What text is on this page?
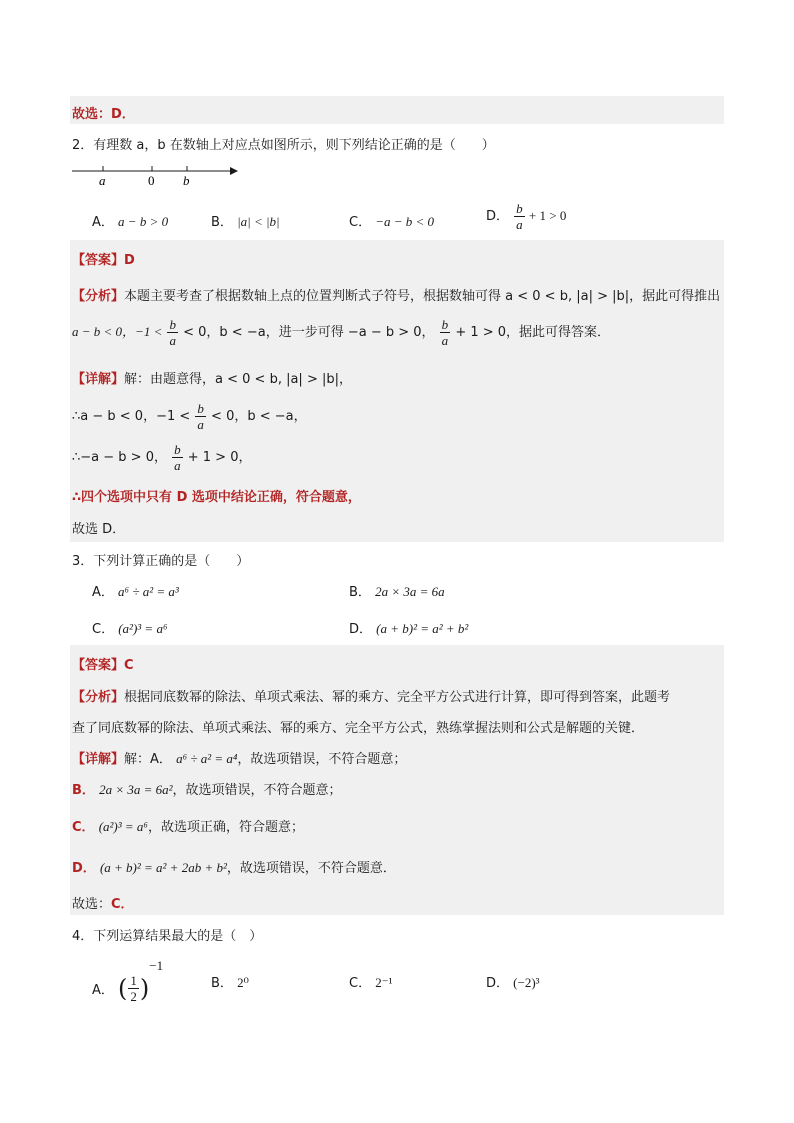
故选：D．
2．有理数 a，b 在数轴上对应点如图所示，则下列结论正确的是（　　）
a	0 b
A． a − b > 0	B． |a| < |b|	C． −a − b < 0	D． $\frac{b}{a} + 1 > 0$
【答案】D
【分析】本题主要考查了根据数轴上点的位置判断式子符号，根据数轴可得 a < 0 < b, |a| > |b|，据此可得推出
a − b < 0，$-1 < \frac{b}{a} < 0$，b < −a，进一步可得 −a − b > 0， $\frac{b}{a} + 1 > 0$，据此可得答案．
【详解】解：由题意得，a < 0 < b, |a| > |b|，
∴a − b < 0，$-1 < \frac{b}{a} < 0$，b < −a，
∴−a − b > 0， $\frac{b}{a} + 1 > 0$，
∴四个选项中只有 D 选项中结论正确，符合题意，
故选 D．
3．下列计算正确的是（　　）
A． a⁶ ÷ a² = a³	B． 2a × 3a = 6a
C． (a²)³ = a⁶	D． (a + b)² = a² + b²
【答案】C
【分析】根据同底数幂的除法、单项式乘法、幂的乘方、完全平方公式进行计算，即可得到答案，此题考
查了同底数幂的除法、单项式乘法、幂的乘方、完全平方公式，熟练掌握法则和公式是解题的关键．
【详解】解：A． a⁶ ÷ a² = a⁴，故选项错误，不符合题意；
B． 2a × 3a = 6a²，故选项错误，不符合题意；
C． (a²)³ = a⁶，故选项正确，符合题意；
D． (a + b)² = a² + 2ab + b²，故选项错误，不符合题意．
故选：C．
4．下列运算结果最大的是（　）
A． ( $\frac{1}{2} )^{-1}$
B． 2⁰	C． 2⁻¹	D． (−2)³
